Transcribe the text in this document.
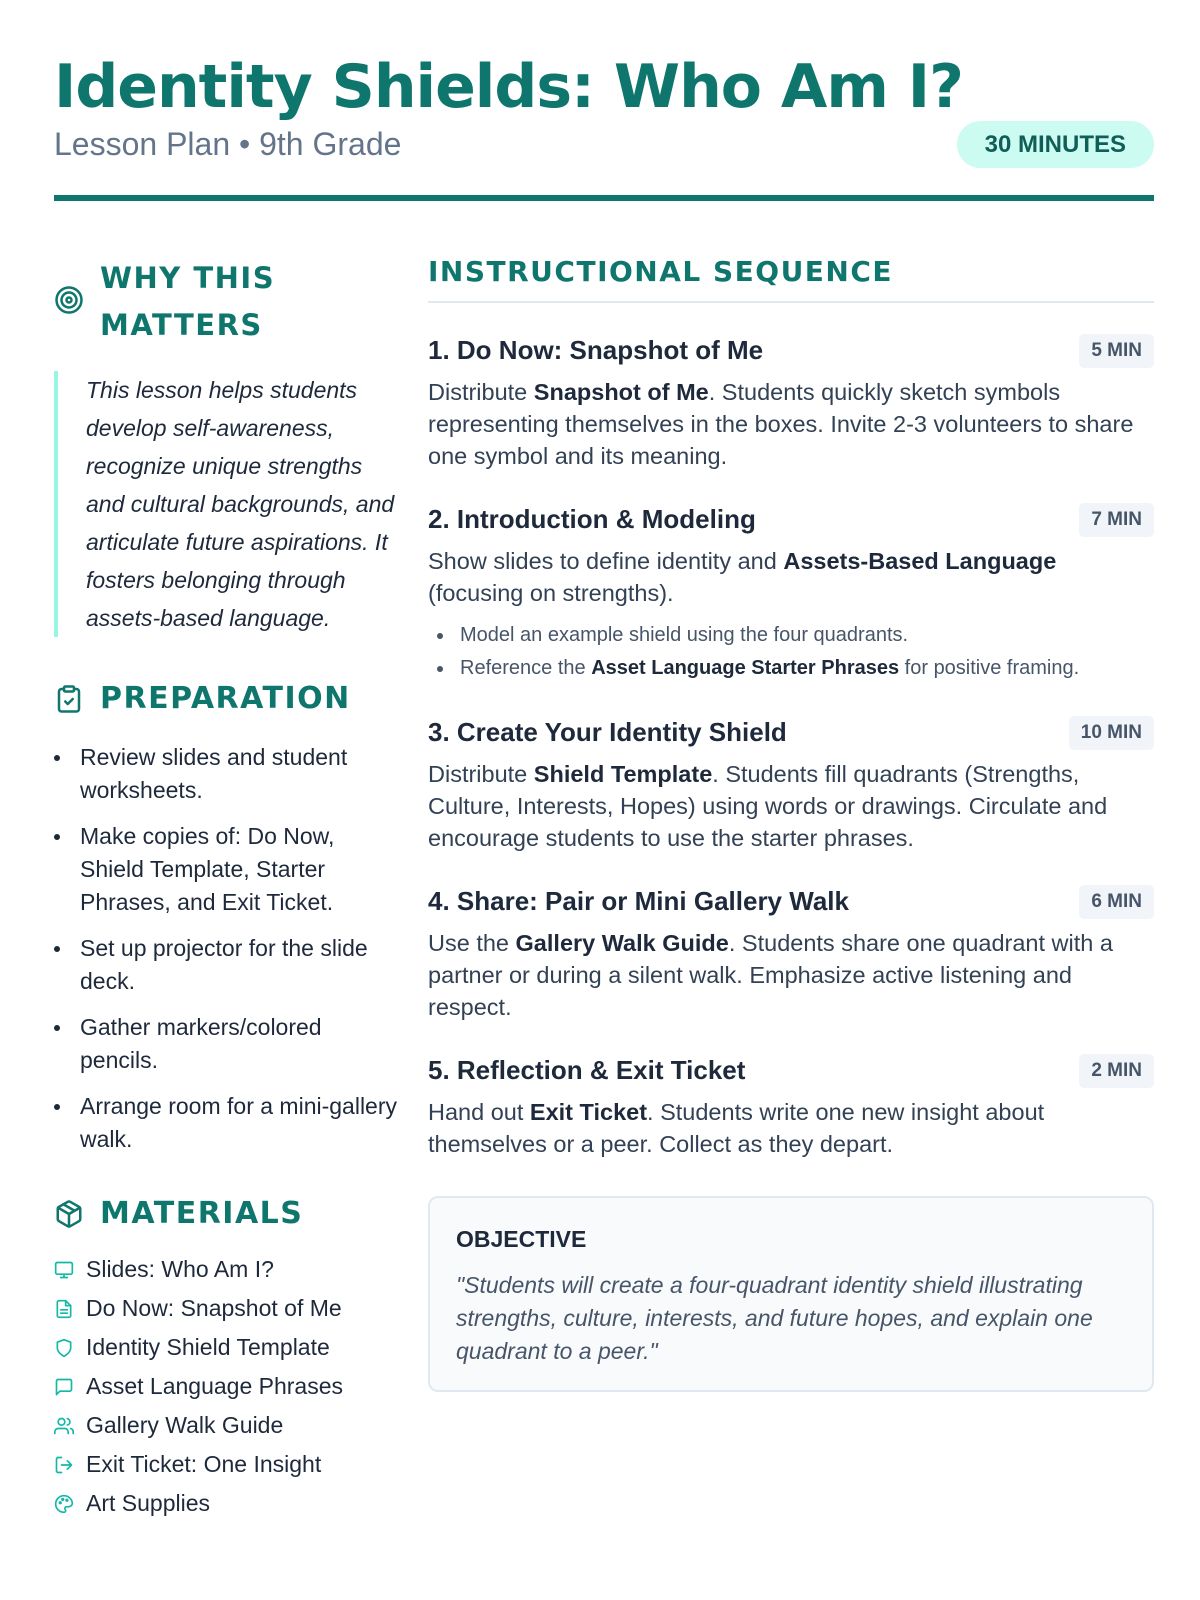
Identity Shields: Who Am I?
Lesson Plan • 9th Grade	30 MINUTES
WHY THIS
MATTERS

This lesson helps students develop self-awareness, recognize unique strengths and cultural backgrounds, and articulate future aspirations. It fosters belonging through assets-based language.

PREPARATION
Review slides and student worksheets.
Make copies of: Do Now, Shield Template, Starter Phrases, and Exit Ticket.
Set up projector for the slide deck.
Gather markers/colored pencils.
Arrange room for a mini-gallery walk.
MATERIALS
Slides: Who Am I?
Do Now: Snapshot of Me
Identity Shield Template
Asset Language Phrases
Gallery Walk Guide
Exit Ticket: One Insight
Art Supplies
INSTRUCTIONAL SEQUENCE
1. Do Now: Snapshot of Me	5 MIN

Distribute Snapshot of Me. Students quickly sketch symbols representing themselves in the boxes. Invite 2-3 volunteers to share one symbol and its meaning.

2. Introduction & Modeling	7 MIN

Show slides to define identity and Assets-Based Language (focusing on strengths).

Model an example shield using the four quadrants.
Reference the Asset Language Starter Phrases for positive framing.
3. Create Your Identity Shield	10 MIN

Distribute Shield Template. Students fill quadrants (Strengths, Culture, Interests, Hopes) using words or drawings. Circulate and encourage students to use the starter phrases.

4. Share: Pair or Mini Gallery Walk	6 MIN

Use the Gallery Walk Guide. Students share one quadrant with a partner or during a silent walk. Emphasize active listening and respect.

5. Reflection & Exit Ticket	2 MIN

Hand out Exit Ticket. Students write one new insight about themselves or a peer. Collect as they depart.

OBJECTIVE

"Students will create a four-quadrant identity shield illustrating strengths, culture, interests, and future hopes, and explain one quadrant to a peer."
